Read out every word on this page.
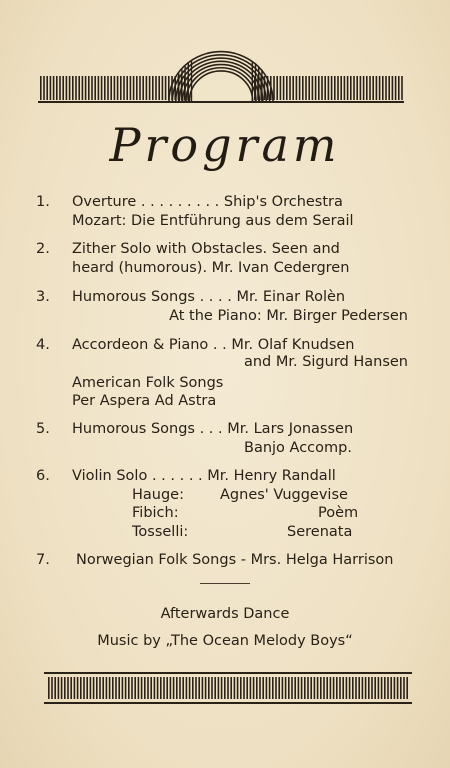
Program
1. Overture . . . . . . . . . Ship's Orchestra
Mozart: Die Entführung aus dem Serail
2. Zither Solo with Obstacles. Seen and
heard (humorous). Mr. Ivan Cedergren
3. Humorous Songs . . . . Mr. Einar Rolèn
At the Piano: Mr. Birger Pedersen
4. Accordeon & Piano . . Mr. Olaf Knudsen
and Mr. Sigurd Hansen
American Folk Songs
Per Aspera Ad Astra
5. Humorous Songs . . . Mr. Lars Jonassen
Banjo Accomp.
6. Violin Solo . . . . . . Mr. Henry Randall
Hauge: Agnes' Vuggevise
Fibich:	Poèm
Tosselli:	Serenata
7. Norwegian Folk Songs - Mrs. Helga Harrison
Afterwards Dance
Music by „The Ocean Melody Boys“
